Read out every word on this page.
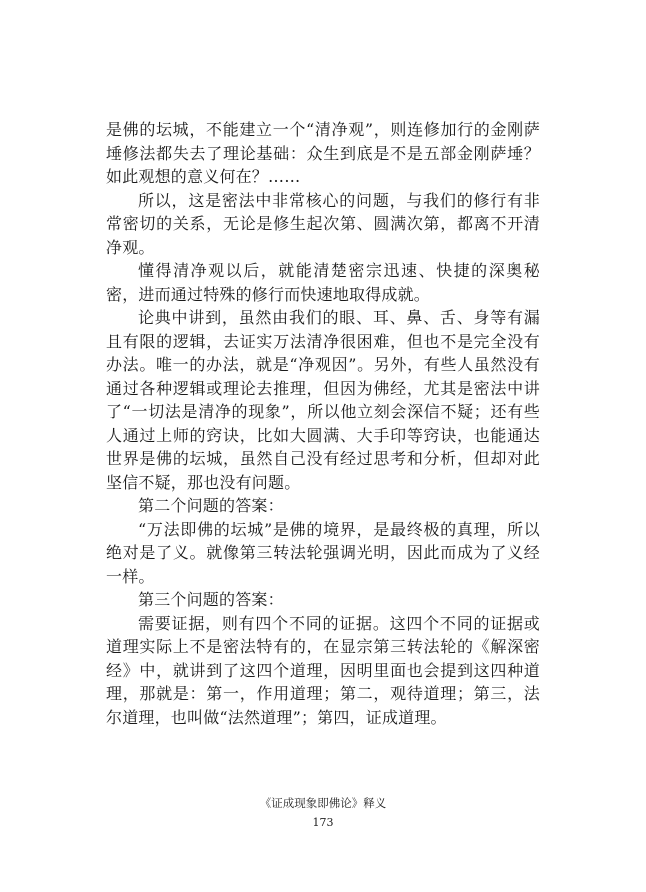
是佛的坛城，不能建立一个“清净观”，则连修加行的金刚萨埵修法都失去了理论基础：众生到底是不是五部金刚萨埵？如此观想的意义何在？……

所以，这是密法中非常核心的问题，与我们的修行有非常密切的关系，无论是修生起次第、圆满次第，都离不开清净观。

懂得清净观以后，就能清楚密宗迅速、快捷的深奥秘密，进而通过特殊的修行而快速地取得成就。

论典中讲到，虽然由我们的眼、耳、鼻、舌、身等有漏且有限的逻辑，去证实万法清净很困难，但也不是完全没有办法。唯一的办法，就是“净观因”。另外，有些人虽然没有通过各种逻辑或理论去推理，但因为佛经，尤其是密法中讲了“一切法是清净的现象”，所以他立刻会深信不疑；还有些人通过上师的窍诀，比如大圆满、大手印等窍诀，也能通达世界是佛的坛城，虽然自己没有经过思考和分析，但却对此坚信不疑，那也没有问题。

第二个问题的答案：

“万法即佛的坛城”是佛的境界，是最终极的真理，所以绝对是了义。就像第三转法轮强调光明，因此而成为了义经一样。

第三个问题的答案：

需要证据，则有四个不同的证据。这四个不同的证据或道理实际上不是密法特有的，在显宗第三转法轮的《解深密经》中，就讲到了这四个道理，因明里面也会提到这四种道理，那就是：第一，作用道理；第二，观待道理；第三，法尔道理，也叫做“法然道理”；第四，证成道理。

《证成现象即佛论》释义
173
